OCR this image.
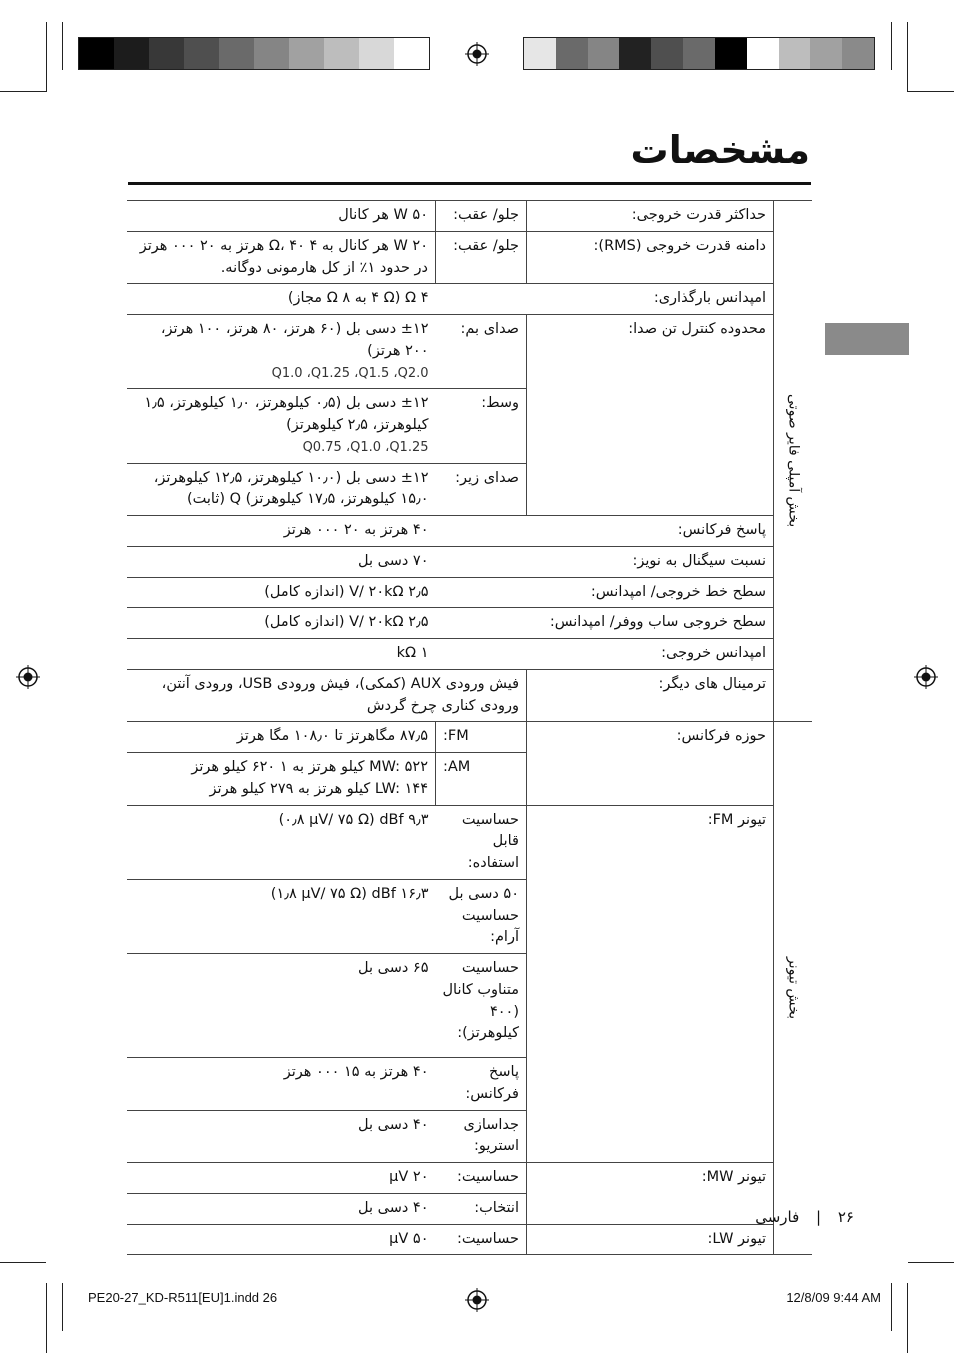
مشخصات
بخش آمپلی فایر صوتی	حداکثر قدرت خروجی:	جلو/ عقب:	۵۰ W هر کانال
	دامنه قدرت خروجی (RMS):	جلو/ عقب:	۲۰ W هر کانال به ۴ Ω، ۴۰ هرتز به ۲۰ ۰۰۰ هرتز در حدود ۱٪ از کل هارمونی دوگانه.
	امپدانس بارگذاری:		۴ Ω (۴ Ω به ۸ Ω مجاز)
	محدوده کنترل تن صدا:	صدای بم:	±۱۲ دسی بل (۶۰ هرتز، ۸۰ هرتز، ۱۰۰ هرتز، ۲۰۰ هرتز)
Q1.0 ،Q1.25 ،Q1.5 ،Q2.0
		وسط:	±۱۲ دسی بل (۰٫۵ کیلوهرتز، ۱٫۰ کیلوهرتز، ۱٫۵ کیلوهرتز، ۲٫۵ کیلوهرتز)
Q0.75 ،Q1.0 ،Q1.25
		صدای زیر:	±۱۲ دسی بل (۱۰٫۰ کیلوهرتز، ۱۲٫۵ کیلوهرتز، ۱۵٫۰ کیلوهرتز، ۱۷٫۵ کیلوهرتز) Q (ثابت)
	پاسخ فرکانس:		۴۰ هرتز به ۲۰ ۰۰۰ هرتز
	نسبت سیگنال به نویز:		۷۰ دسی بل
	سطح خط خروجی/ امپدانس:		۲٫۵ V/ ۲۰kΩ (اندازه کامل)
	سطح خروجی ساب ووفر/ امپدانس:		۲٫۵ V/ ۲۰kΩ (اندازه کامل)
	امپدانس خروجی:		۱ kΩ
	ترمینال های دیگر:	فیش ورودی AUX (کمکی)، فیش ورودی USB، ورودی آنتن، ورودی کناری چرخ گردش	

بخش تیونر	حوزه فرکانس:	FM:	۸۷٫۵ مگاهرتز تا ۱۰۸٫۰ مگا هرتز
		AM:	MW: ۵۲۲ کیلو هرتز به ۱ ۶۲۰ کیلو هرتز
LW: ۱۴۴ کیلو هرتز به ۲۷۹ کیلو هرتز
	تیونر FM:	حساسیت قابل استفاده:	۹٫۳ dBf (۰٫۸ μV/ ۷۵ Ω)
		۵۰ دسی بل حساسیت آرام:	۱۶٫۳ dBf (۱٫۸ μV/ ۷۵ Ω)
		حساسیت متناوب کانال (۴۰۰ کیلوهرتز):	۶۵ دسی بل
		پاسخ فرکانس:	۴۰ هرتز به ۱۵ ۰۰۰ هرتز
		جداسازی استریو:	۴۰ دسی بل
	تیونر MW:	حساسیت:	۲۰ μV
		انتخاب:	۴۰ دسی بل
	تیونر LW:	حساسیت:	۵۰ μV
۲۶ | فارسی
PE20-27_KD-R511[EU]1.indd 26	12/8/09 9:44 AM
